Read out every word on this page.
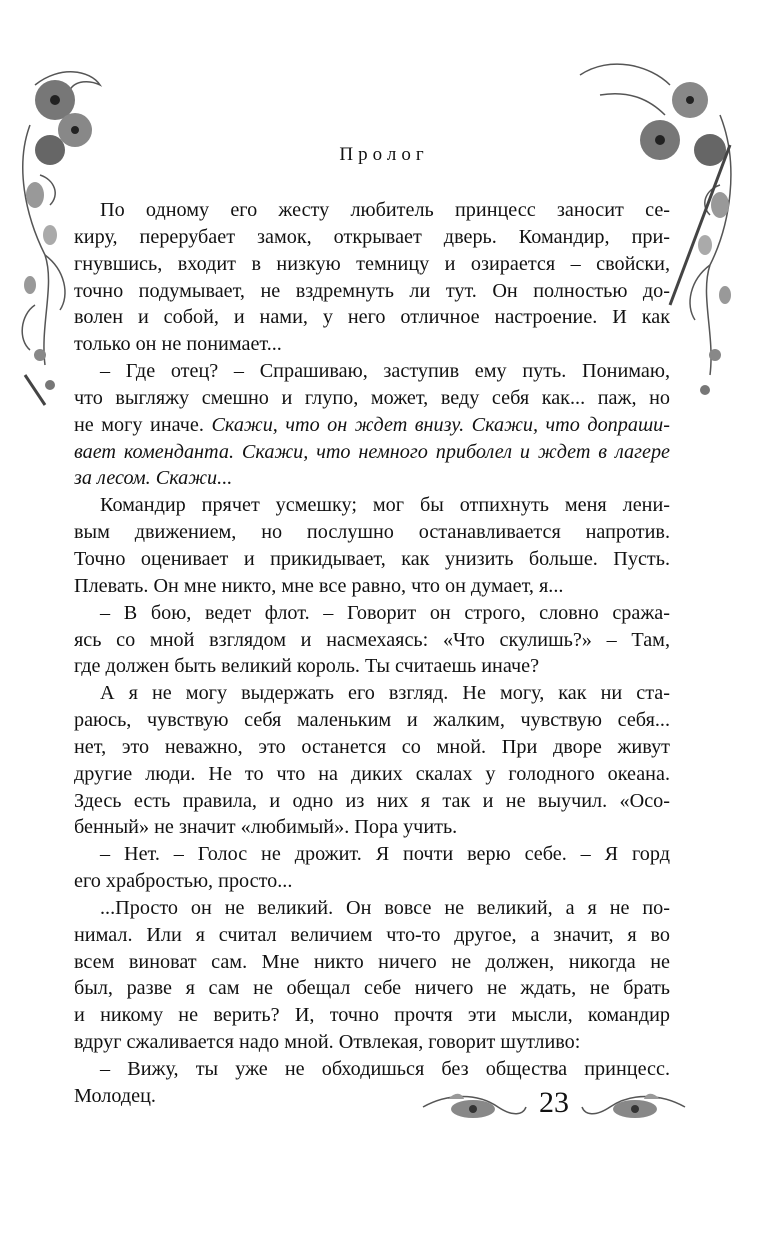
Пролог
По одному его жесту любитель принцесс заносит се-
киру, перерубает замок, открывает дверь. Командир, при-
гнувшись, входит в низкую темницу и озирается – свойски,
точно подумывает, не вздремнуть ли тут. Он полностью до-
волен и собой, и нами, у него отличное настроение. И как
только он не понимает...
– Где отец? – Спрашиваю, заступив ему путь. Понимаю,
что выгляжу смешно и глупо, может, веду себя как... паж, но
не могу иначе. Скажи, что он ждет внизу. Скажи, что допраши-
вает коменданта. Скажи, что немного приболел и ждет в лагере
за лесом. Скажи...
Командир прячет усмешку; мог бы отпихнуть меня лени-
вым движением, но послушно останавливается напротив.
Точно оценивает и прикидывает, как унизить больше. Пусть.
Плевать. Он мне никто, мне все равно, что он думает, я...
– В бою, ведет флот. – Говорит он строго, словно сража-
ясь со мной взглядом и насмехаясь: «Что скулишь?» – Там,
где должен быть великий король. Ты считаешь иначе?
А я не могу выдержать его взгляд. Не могу, как ни ста-
раюсь, чувствую себя маленьким и жалким, чувствую себя...
нет, это неважно, это останется со мной. При дворе живут
другие люди. Не то что на диких скалах у голодного океана.
Здесь есть правила, и одно из них я так и не выучил. «Осо-
бенный» не значит «любимый». Пора учить.
– Нет. – Голос не дрожит. Я почти верю себе. – Я горд
его храбростью, просто...
...Просто он не великий. Он вовсе не великий, а я не по-
нимал. Или я считал величием что-то другое, а значит, я во
всем виноват сам. Мне никто ничего не должен, никогда не
был, разве я сам не обещал себе ничего не ждать, не брать
и никому не верить? И, точно прочтя эти мысли, командир
вдруг сжаливается надо мной. Отвлекая, говорит шутливо:
– Вижу, ты уже не обходишься без общества принцесс.
Молодец.	23
